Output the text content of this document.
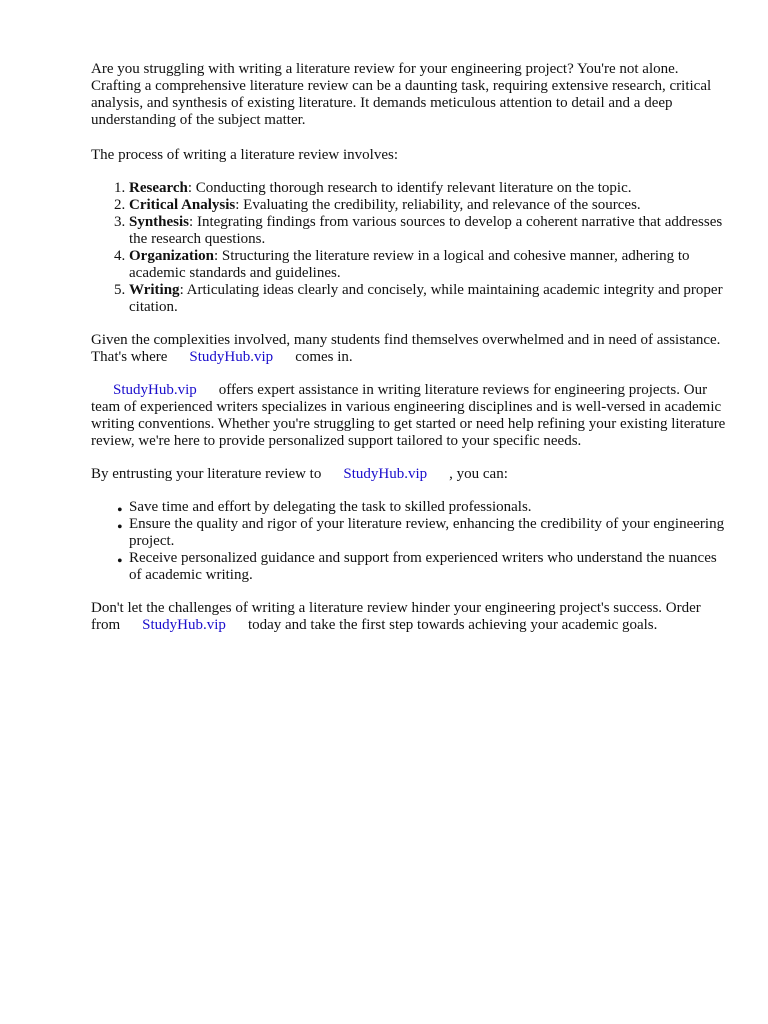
Are you struggling with writing a literature review for your engineering project? You're not alone. Crafting a comprehensive literature review can be a daunting task, requiring extensive research, critical analysis, and synthesis of existing literature. It demands meticulous attention to detail and a deep understanding of the subject matter.

The process of writing a literature review involves:

1. Research: Conducting thorough research to identify relevant literature on the topic.
2. Critical Analysis: Evaluating the credibility, reliability, and relevance of the sources.
3. Synthesis: Integrating findings from various sources to develop a coherent narrative that addresses the research questions.
4. Organization: Structuring the literature review in a logical and cohesive manner, adhering to academic standards and guidelines.
5. Writing: Articulating ideas clearly and concisely, while maintaining academic integrity and proper citation.

Given the complexities involved, many students find themselves overwhelmed and in need of assistance. That's where StudyHub.vip comes in.

StudyHub.vip offers expert assistance in writing literature reviews for engineering projects. Our team of experienced writers specializes in various engineering disciplines and is well-versed in academic writing conventions. Whether you're struggling to get started or need help refining your existing literature review, we're here to provide personalized support tailored to your specific needs.

By entrusting your literature review to StudyHub.vip , you can:

• Save time and effort by delegating the task to skilled professionals.
• Ensure the quality and rigor of your literature review, enhancing the credibility of your engineering project.
• Receive personalized guidance and support from experienced writers who understand the nuances of academic writing.

Don't let the challenges of writing a literature review hinder your engineering project's success. Order from StudyHub.vip today and take the first step towards achieving your academic goals.
